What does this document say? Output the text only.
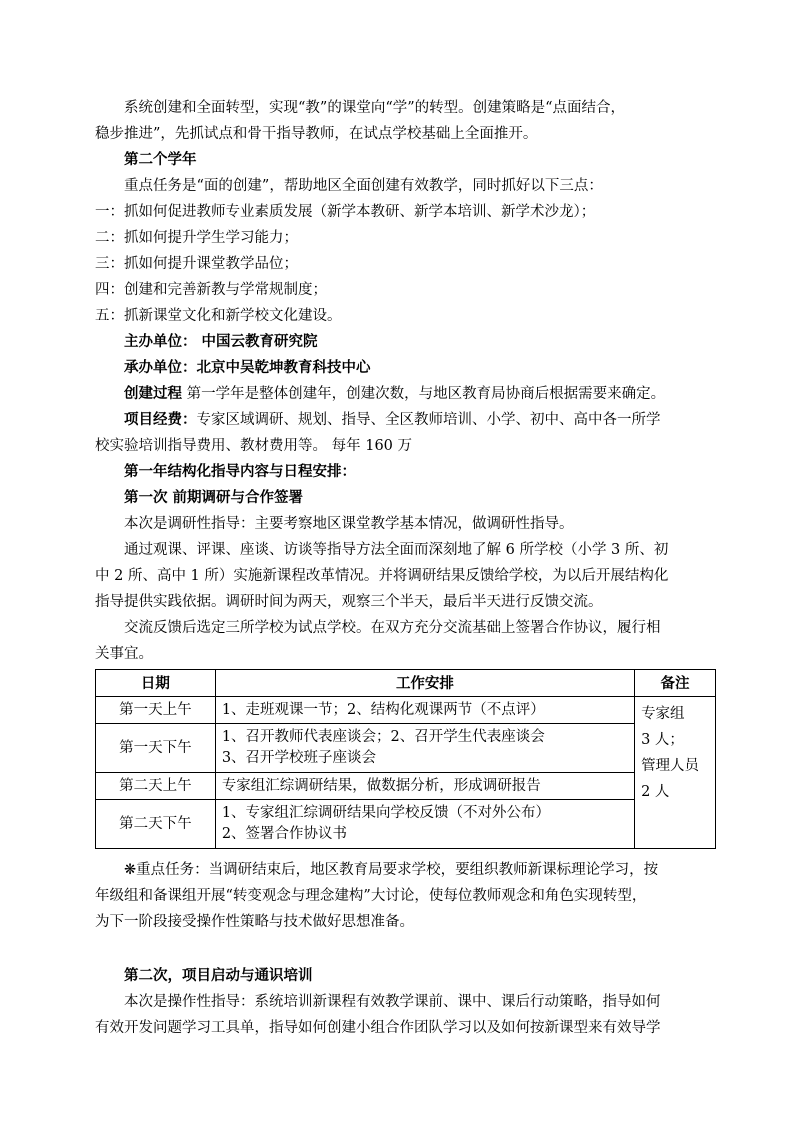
系统创建和全面转型，实现“教”的课堂向“学”的转型。创建策略是“点面结合，
稳步推进”，先抓试点和骨干指导教师，在试点学校基础上全面推开。
第二个学年
重点任务是“面的创建”，帮助地区全面创建有效教学，同时抓好以下三点：
一：抓如何促进教师专业素质发展（新学本教研、新学本培训、新学术沙龙）；
二：抓如何提升学生学习能力；
三：抓如何提升课堂教学品位；
四：创建和完善新教与学常规制度；
五：抓新课堂文化和新学校文化建设。
主办单位： 中国云教育研究院
承办单位：北京中吴乾坤教育科技中心
创建过程 第一学年是整体创建年，创建次数，与地区教育局协商后根据需要来确定。
项目经费：专家区域调研、规划、指导、全区教师培训、小学、初中、高中各一所学
校实验培训指导费用、教材费用等。 每年 160 万
第一年结构化指导内容与日程安排：
第一次 前期调研与合作签署
本次是调研性指导：主要考察地区课堂教学基本情况，做调研性指导。
通过观课、评课、座谈、访谈等指导方法全面而深刻地了解 6 所学校（小学 3 所、初
中 2 所、高中 1 所）实施新课程改革情况。并将调研结果反馈给学校，为以后开展结构化
指导提供实践依据。调研时间为两天，观察三个半天，最后半天进行反馈交流。
交流反馈后选定三所学校为试点学校。在双方充分交流基础上签署合作协议，履行相
关事宜。
日期	工作安排	备注
第一天上午	1、走班观课一节；2、结构化观课两节（不点评）	专家组
3 人；
管理人员
2 人

第一天下午	1、召开教师代表座谈会；2、召开学生代表座谈会
3、召开学校班子座谈会	

第二天上午	专家组汇综调研结果，做数据分析，形成调研报告	

第二天下午	1、专家组汇综调研结果向学校反馈（不对外公布）
2、签署合作协议书	
❋重点任务：当调研结束后，地区教育局要求学校，要组织教师新课标理论学习，按
年级组和备课组开展“转变观念与理念建构”大讨论，使每位教师观念和角色实现转型，
为下一阶段接受操作性策略与技术做好思想准备。
第二次，项目启动与通识培训
本次是操作性指导：系统培训新课程有效教学课前、课中、课后行动策略，指导如何
有效开发问题学习工具单，指导如何创建小组合作团队学习以及如何按新课型来有效导学
